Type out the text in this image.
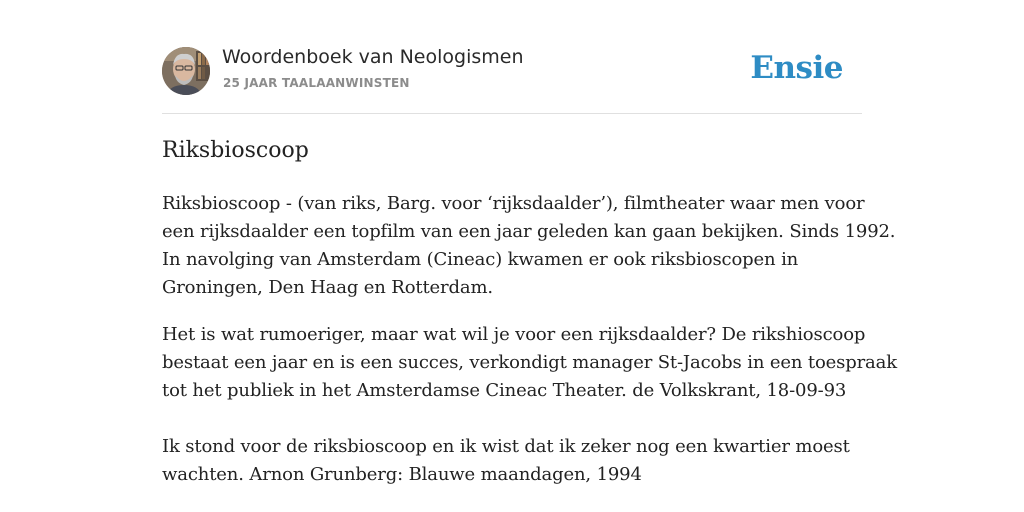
Woordenboek van Neologismen
25 JAAR TAALAANWINSTEN	Ensie
Riksbioscoop

Riksbioscoop - (van riks, Barg. voor ‘rijksdaalder’), filmtheater waar men voor
een rijksdaalder een topfilm van een jaar geleden kan gaan bekijken. Sinds 1992.
In navolging van Amsterdam (Cineac) kwamen er ook riksbioscopen in
Groningen, Den Haag en Rotterdam.

Het is wat rumoeriger, maar wat wil je voor een rijksdaalder? De rikshioscoop
bestaat een jaar en is een succes, verkondigt manager St-Jacobs in een toespraak
tot het publiek in het Amsterdamse Cineac Theater. de Volkskrant, 18-09-93

Ik stond voor de riksbioscoop en ik wist dat ik zeker nog een kwartier moest
wachten. Arnon Grunberg: Blauwe maandagen, 1994
